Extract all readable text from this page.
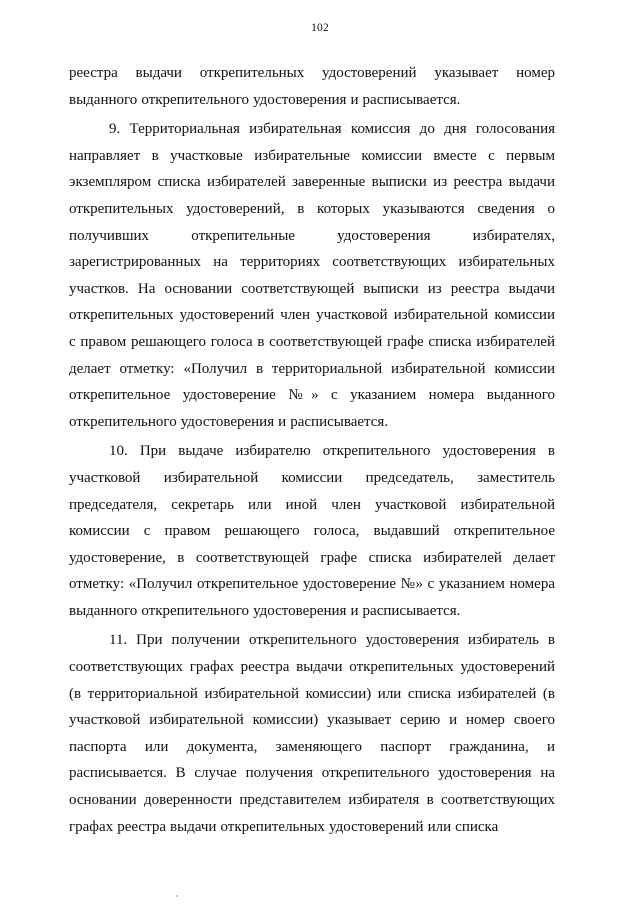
102

реестра выдачи открепительных удостоверений указывает номер выданного открепительного удостоверения и расписывается.

9. Территориальная избирательная комиссия до дня голосования направляет в участковые избирательные комиссии вместе с первым экземпляром списка избирателей заверенные выписки из реестра выдачи открепительных удостоверений, в которых указываются сведения о получивших открепительные удостоверения избирателях, зарегистрированных на территориях соответствующих избирательных участков. На основании соответствующей выписки из реестра выдачи открепительных удостоверений член участковой избирательной комиссии с правом решающего голоса в соответствующей графе списка избирателей делает отметку: «Получил в территориальной избирательной комиссии открепительное удостоверение №» с указанием номера выданного открепительного удостоверения и расписывается.

10. При выдаче избирателю открепительного удостоверения в участковой избирательной комиссии председатель, заместитель председателя, секретарь или иной член участковой избирательной комиссии с правом решающего голоса, выдавший открепительное удостоверение, в соответствующей графе списка избирателей делает отметку: «Получил открепительное удостоверение №» с указанием номера выданного открепительного удостоверения и расписывается.

11. При получении открепительного удостоверения избиратель в соответствующих графах реестра выдачи открепительных удостоверений (в территориальной избирательной комиссии) или списка избирателей (в участковой избирательной комиссии) указывает серию и номер своего паспорта или документа, заменяющего паспорт гражданина, и расписывается. В случае получения открепительного удостоверения на основании доверенности представителем избирателя в соответствующих графах реестра выдачи открепительных удостоверений или списка
